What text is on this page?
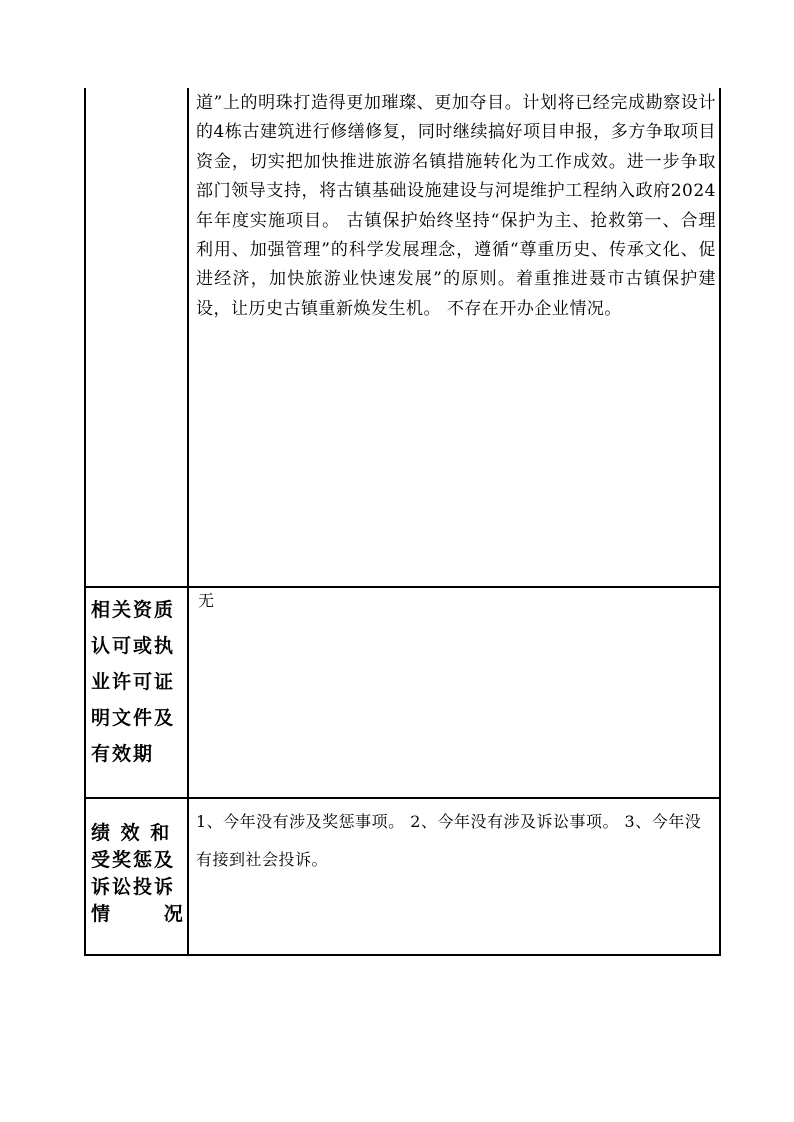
道”上的明珠打造得更加璀璨、更加夺目。计划将已经完成勘察设计的4栋古建筑进行修缮修复，同时继续搞好项目申报，多方争取项目资金，切实把加快推进旅游名镇措施转化为工作成效。进一步争取部门领导支持，将古镇基础设施建设与河堤维护工程纳入政府2024年年度实施项目。 古镇保护始终坚持“保护为主、抢救第一、合理利用、加强管理”的科学发展理念，遵循“尊重历史、传承文化、促进经济，加快旅游业快速发展”的原则。着重推进聂市古镇保护建设，让历史古镇重新焕发生机。 不存在开办企业情况。
相关资质
认可或执
业许可证
明文件及
有效期
无
绩 效 和
受奖惩及
诉讼投诉
情      况
1、今年没有涉及奖惩事项。 2、今年没有涉及诉讼事项。 3、今年没有接到社会投诉。
